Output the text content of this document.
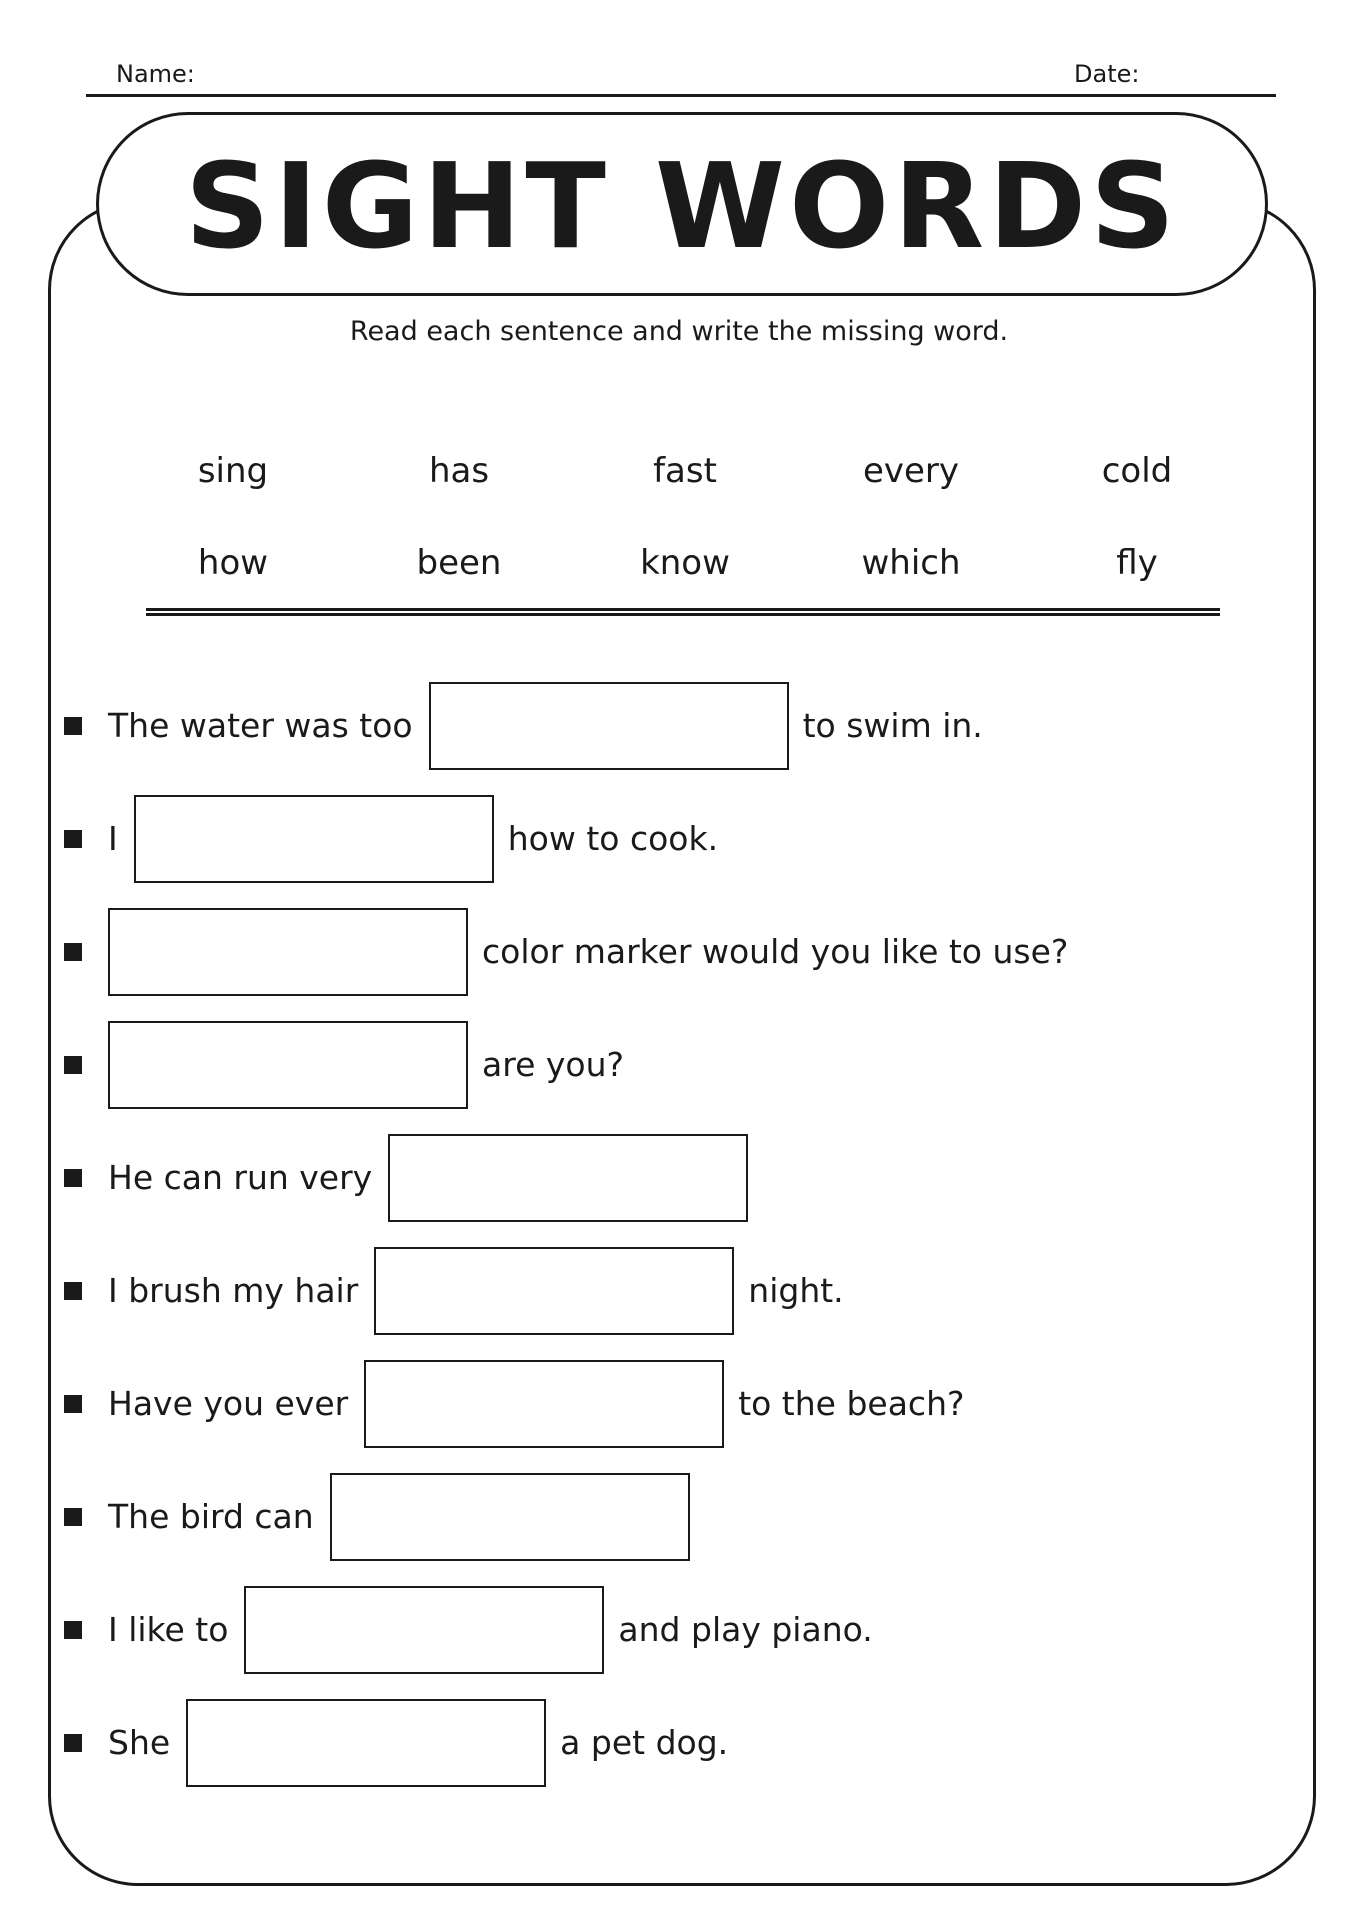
Name:	Date:
SIGHT WORDS
Read each sentence and write the missing word.
sing	has	fast	every	cold
how	been	know	which	fly
The water was too	to swim in.
I	how to cook.
color marker would you like to use?
are you?
He can run very
I brush my hair	night.
Have you ever	to the beach?
The bird can
I like to	and play piano.
She	a pet dog.
